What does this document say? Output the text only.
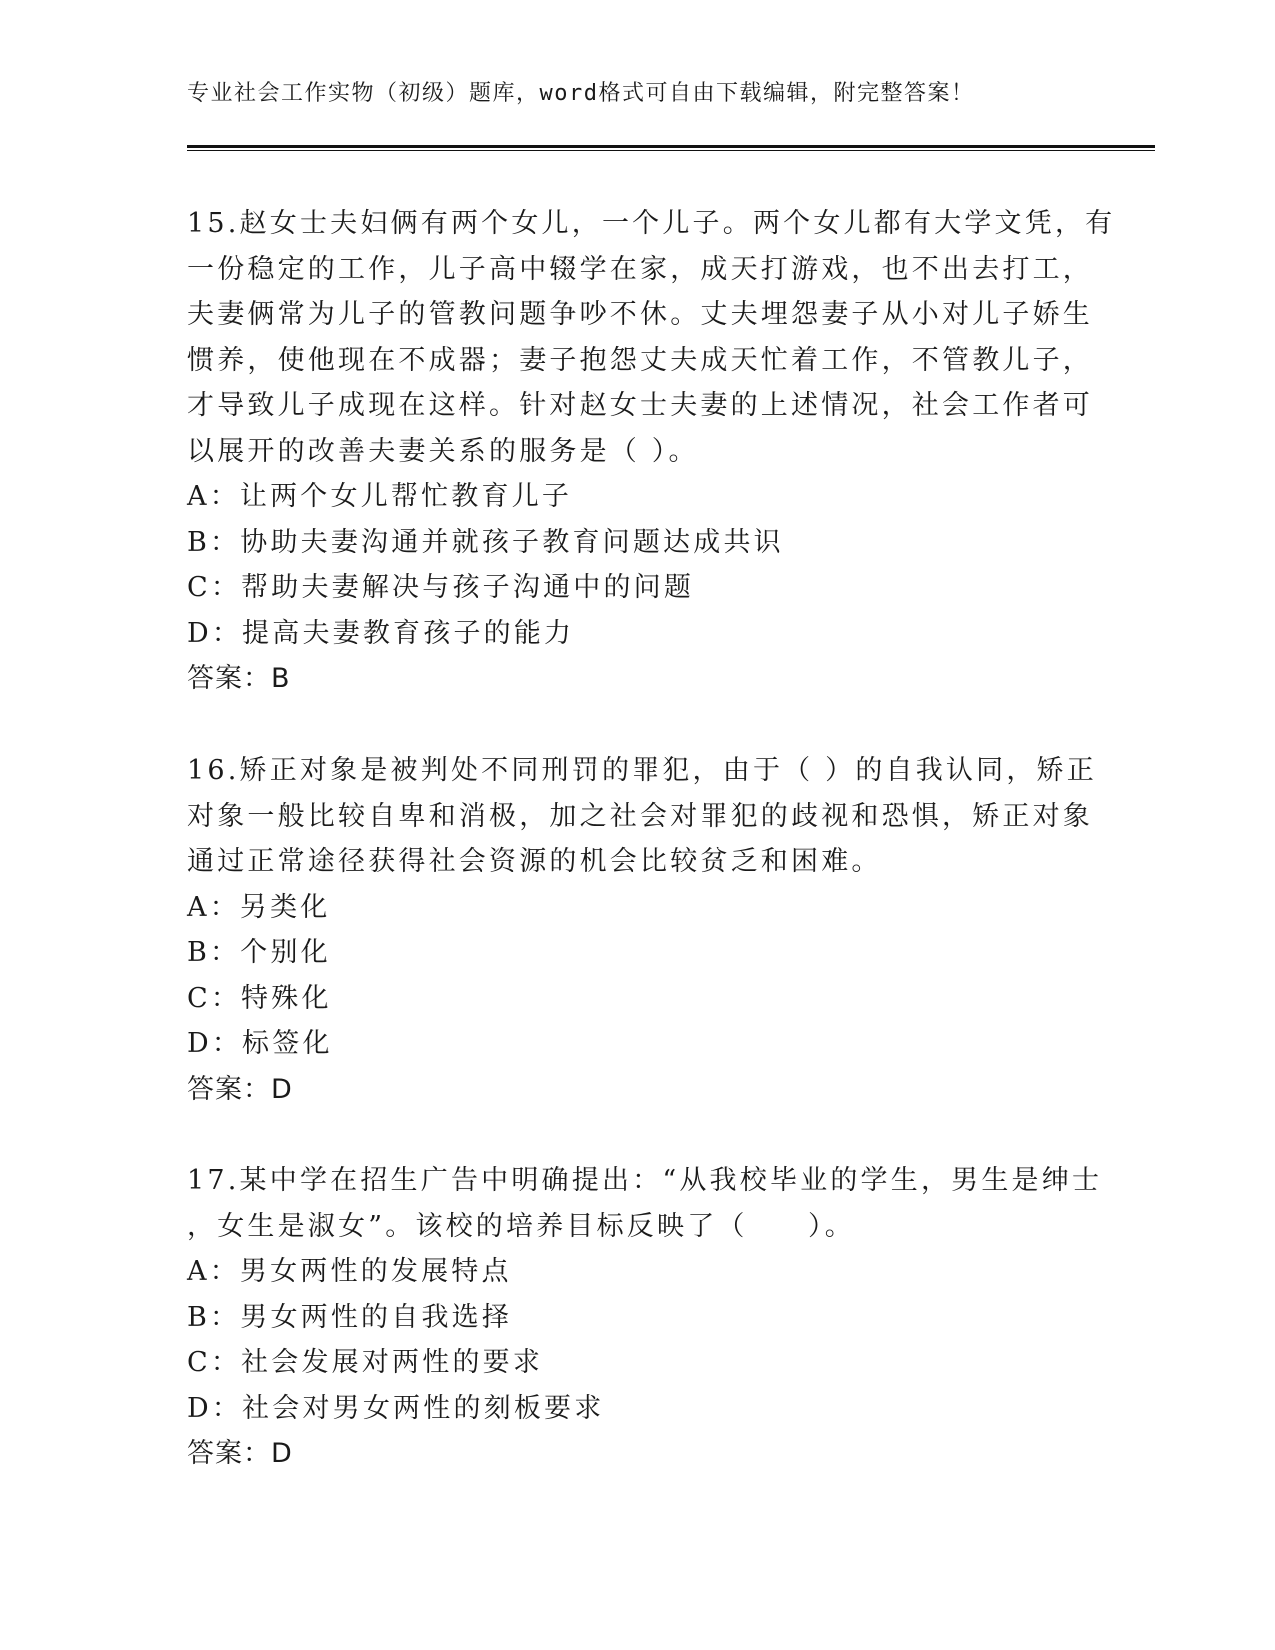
专业社会工作实物（初级）题库，word格式可自由下载编辑，附完整答案！
15.赵女士夫妇俩有两个女儿，一个儿子。两个女儿都有大学文凭，有
一份稳定的工作，儿子高中辍学在家，成天打游戏，也不出去打工，
夫妻俩常为儿子的管教问题争吵不休。丈夫埋怨妻子从小对儿子娇生
惯养，使他现在不成器；妻子抱怨丈夫成天忙着工作，不管教儿子，
才导致儿子成现在这样。针对赵女士夫妻的上述情况，社会工作者可
以展开的改善夫妻关系的服务是（ ）。
A：让两个女儿帮忙教育儿子
B：协助夫妻沟通并就孩子教育问题达成共识
C：帮助夫妻解决与孩子沟通中的问题
D：提高夫妻教育孩子的能力
答案：B
16.矫正对象是被判处不同刑罚的罪犯，由于（ ）的自我认同，矫正
对象一般比较自卑和消极，加之社会对罪犯的歧视和恐惧，矫正对象
通过正常途径获得社会资源的机会比较贫乏和困难。
A：另类化
B：个别化
C：特殊化
D：标签化
答案：D
17.某中学在招生广告中明确提出：“从我校毕业的学生，男生是绅士
，女生是淑女”。该校的培养目标反映了（　　）。
A：男女两性的发展特点
B：男女两性的自我选择
C：社会发展对两性的要求
D：社会对男女两性的刻板要求
答案：D
